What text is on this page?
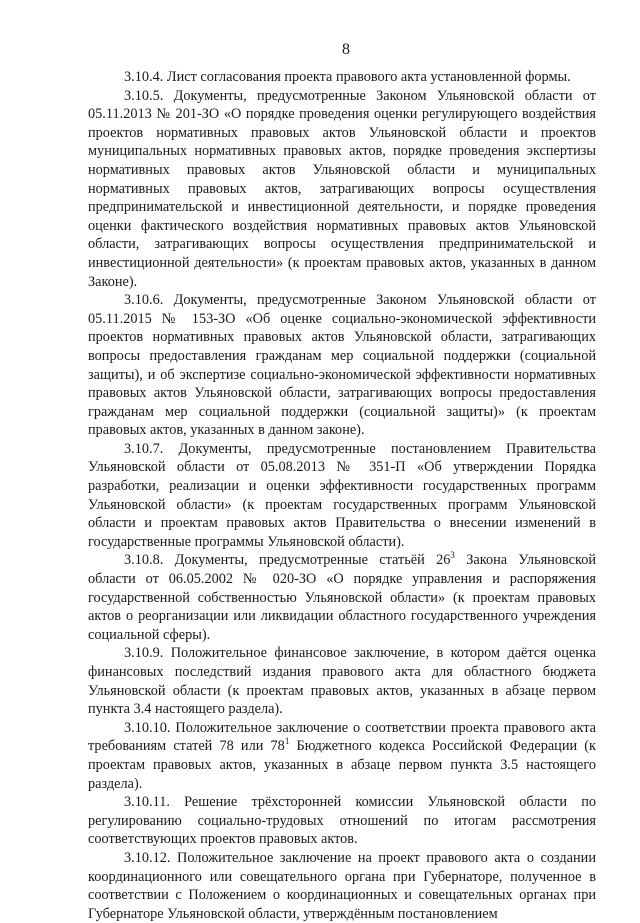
8

3.10.4. Лист согласования проекта правового акта установленной формы.

3.10.5. Документы, предусмотренные Законом Ульяновской области от 05.11.2013 № 201-ЗО «О порядке проведения оценки регулирующего воздействия проектов нормативных правовых актов Ульяновской области и проектов муниципальных нормативных правовых актов, порядке проведения экспертизы нормативных правовых актов Ульяновской области и муниципальных нормативных правовых актов, затрагивающих вопросы осуществления предпринимательской и инвестиционной деятельности, и порядке проведения оценки фактического воздействия нормативных правовых актов Ульяновской области, затрагивающих вопросы осуществления предпринимательской и инвестиционной деятельности» (к проектам правовых актов, указанных в данном Законе).

3.10.6. Документы, предусмотренные Законом Ульяновской области от 05.11.2015 № 153-ЗО «Об оценке социально-экономической эффективности проектов нормативных правовых актов Ульяновской области, затрагивающих вопросы предоставления гражданам мер социальной поддержки (социальной защиты), и об экспертизе социально-экономической эффективности нормативных правовых актов Ульяновской области, затрагивающих вопросы предоставления гражданам мер социальной поддержки (социальной защиты)» (к проектам правовых актов, указанных в данном законе).

3.10.7. Документы, предусмотренные постановлением Правительства Ульяновской области от 05.08.2013 № 351-П «Об утверждении Порядка разработки, реализации и оценки эффективности государственных программ Ульяновской области» (к проектам государственных программ Ульяновской области и проектам правовых актов Правительства о внесении изменений в государственные программы Ульяновской области).

3.10.8. Документы, предусмотренные статьёй $26^3$ Закона Ульяновской области от 06.05.2002 № 020-ЗО «О порядке управления и распоряжения государственной собственностью Ульяновской области» (к проектам правовых актов о реорганизации или ликвидации областного государственного учреждения социальной сферы).

3.10.9. Положительное финансовое заключение, в котором даётся оценка финансовых последствий издания правового акта для областного бюджета Ульяновской области (к проектам правовых актов, указанных в абзаце первом пункта 3.4 настоящего раздела).

3.10.10. Положительное заключение о соответствии проекта правового акта требованиям статей 78 или $78^1$ Бюджетного кодекса Российской Федерации (к проектам правовых актов, указанных в абзаце первом пункта 3.5 настоящего раздела).

3.10.11. Решение трёхсторонней комиссии Ульяновской области по регулированию социально-трудовых отношений по итогам рассмотрения соответствующих проектов правовых актов.

3.10.12. Положительное заключение на проект правового акта о создании координационного или совещательного органа при Губернаторе, полученное в соответствии с Положением о координационных и совещательных органах при Губернаторе Ульяновской области, утверждённым постановлением
